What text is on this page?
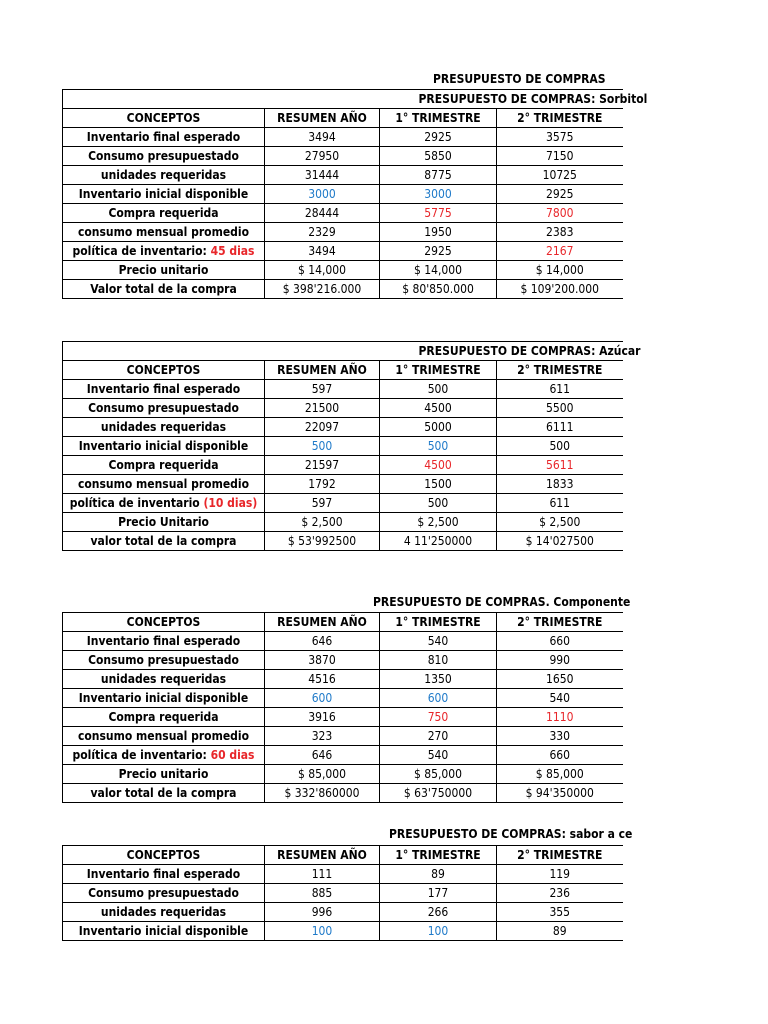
PRESUPUESTO DE COMPRAS
PRESUPUESTO DE COMPRAS: Sorbitol			
CONCEPTOS	RESUMEN AÑO	1° TRIMESTRE	2° TRIMESTRE
Inventario final esperado	3494	2925	3575
Consumo presupuestado	27950	5850	7150
unidades requeridas	31444	8775	10725
Inventario inicial disponible	3000	3000	2925
Compra requerida	28444	5775	7800
consumo mensual promedio	2329	1950	2383
política de inventario: 45 dias	3494	2925	2167
Precio unitario	$ 14,000	$ 14,000	$ 14,000
Valor total de la compra	$ 398'216.000	$ 80'850.000	$ 109'200.000
PRESUPUESTO DE COMPRAS: Azúcar			
CONCEPTOS	RESUMEN AÑO	1° TRIMESTRE	2° TRIMESTRE
Inventario final esperado	597	500	611
Consumo presupuestado	21500	4500	5500
unidades requeridas	22097	5000	6111
Inventario inicial disponible	500	500	500
Compra requerida	21597	4500	5611
consumo mensual promedio	1792	1500	1833
política de inventario (10 dias)	597	500	611
Precio Unitario	$ 2,500	$ 2,500	$ 2,500
valor total de la compra	$ 53'992500	4 11'250000	$ 14'027500
PRESUPUESTO DE COMPRAS. Componente
CONCEPTOS	RESUMEN AÑO	1° TRIMESTRE	2° TRIMESTRE
Inventario final esperado	646	540	660
Consumo presupuestado	3870	810	990
unidades requeridas	4516	1350	1650
Inventario inicial disponible	600	600	540
Compra requerida	3916	750	1110
consumo mensual promedio	323	270	330
política de inventario: 60 dias	646	540	660
Precio unitario	$ 85,000	$ 85,000	$ 85,000
valor total de la compra	$ 332'860000	$ 63'750000	$ 94'350000
PRESUPUESTO DE COMPRAS: sabor a ce
CONCEPTOS	RESUMEN AÑO	1° TRIMESTRE	2° TRIMESTRE
Inventario final esperado	111	89	119
Consumo presupuestado	885	177	236
unidades requeridas	996	266	355
Inventario inicial disponible	100	100	89
